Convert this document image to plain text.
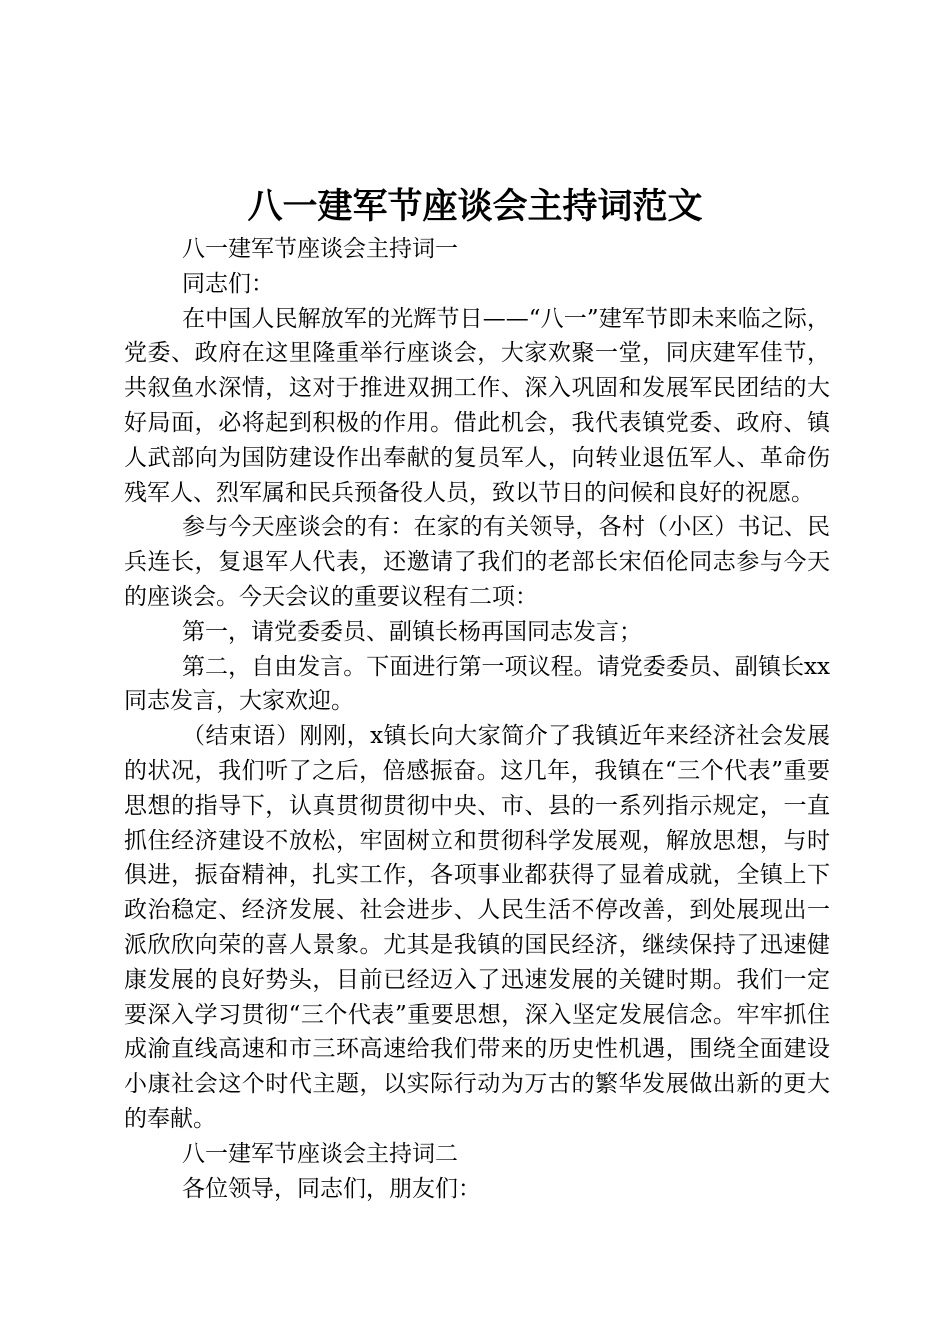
八一建军节座谈会主持词范文

八一建军节座谈会主持词一

同志们：

在中国人民解放军的光辉节日——“八一”建军节即未来临之际，党委、政府在这里隆重举行座谈会，大家欢聚一堂，同庆建军佳节，共叙鱼水深情，这对于推进双拥工作、深入巩固和发展军民团结的大好局面，必将起到积极的作用。借此机会，我代表镇党委、政府、镇人武部向为国防建设作出奉献的复员军人，向转业退伍军人、革命伤残军人、烈军属和民兵预备役人员，致以节日的问候和良好的祝愿。

参与今天座谈会的有：在家的有关领导，各村（小区）书记、民兵连长，复退军人代表，还邀请了我们的老部长宋佰伦同志参与今天的座谈会。今天会议的重要议程有二项：

第一，请党委委员、副镇长杨再国同志发言；

第二，自由发言。下面进行第一项议程。请党委委员、副镇长xx同志发言，大家欢迎。

（结束语）刚刚，x镇长向大家简介了我镇近年来经济社会发展的状况，我们听了之后，倍感振奋。这几年，我镇在“三个代表”重要思想的指导下，认真贯彻贯彻中央、市、县的一系列指示规定，一直抓住经济建设不放松，牢固树立和贯彻科学发展观，解放思想，与时俱进，振奋精神，扎实工作，各项事业都获得了显着成就，全镇上下政治稳定、经济发展、社会进步、人民生活不停改善，到处展现出一派欣欣向荣的喜人景象。尤其是我镇的国民经济，继续保持了迅速健康发展的良好势头，目前已经迈入了迅速发展的关键时期。我们一定要深入学习贯彻“三个代表”重要思想，深入坚定发展信念。牢牢抓住成渝直线高速和市三环高速给我们带来的历史性机遇，围绕全面建设小康社会这个时代主题，以实际行动为万古的繁华发展做出新的更大的奉献。

八一建军节座谈会主持词二

各位领导，同志们，朋友们：
